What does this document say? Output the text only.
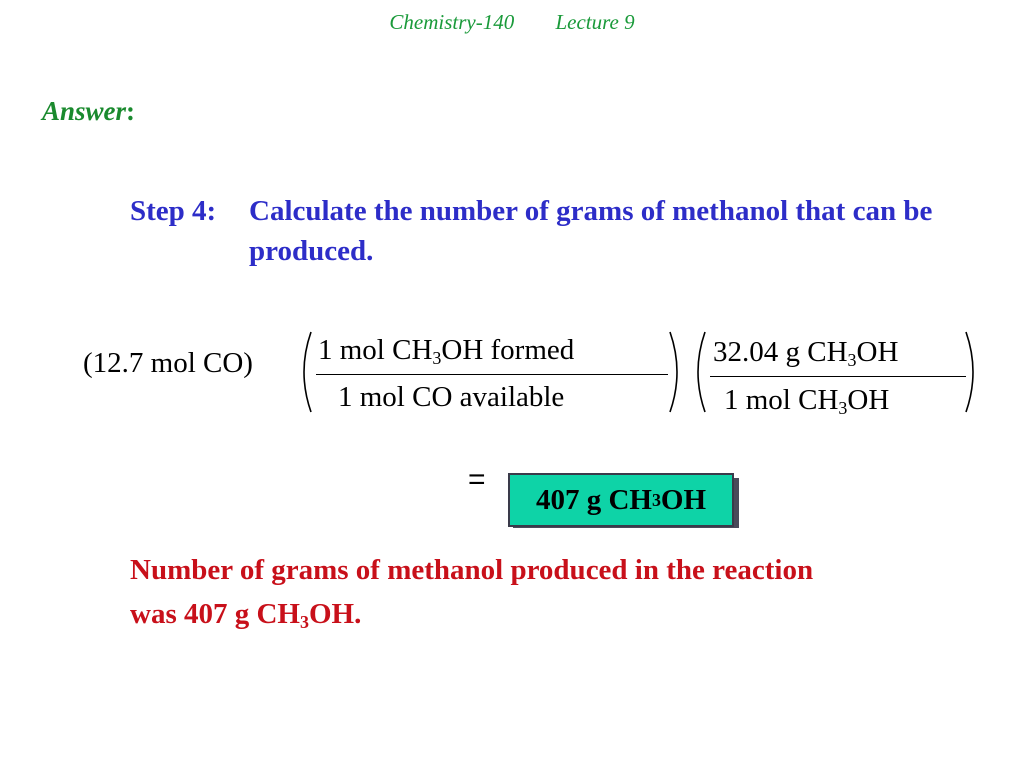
Chemistry-140 Lecture 9
Answer:
Step 4: Calculate the number of grams of methanol that can be produced.
(12.7 mol CO) 1 mol $CH_3OH$ formed
1 mol CO available
32.04 g $CH_3OH$
1 mol $CH_3OH$
=
407 g CH 3 OH
Number of grams of methanol produced in the reaction
was 407 g $CH_3OH$.
